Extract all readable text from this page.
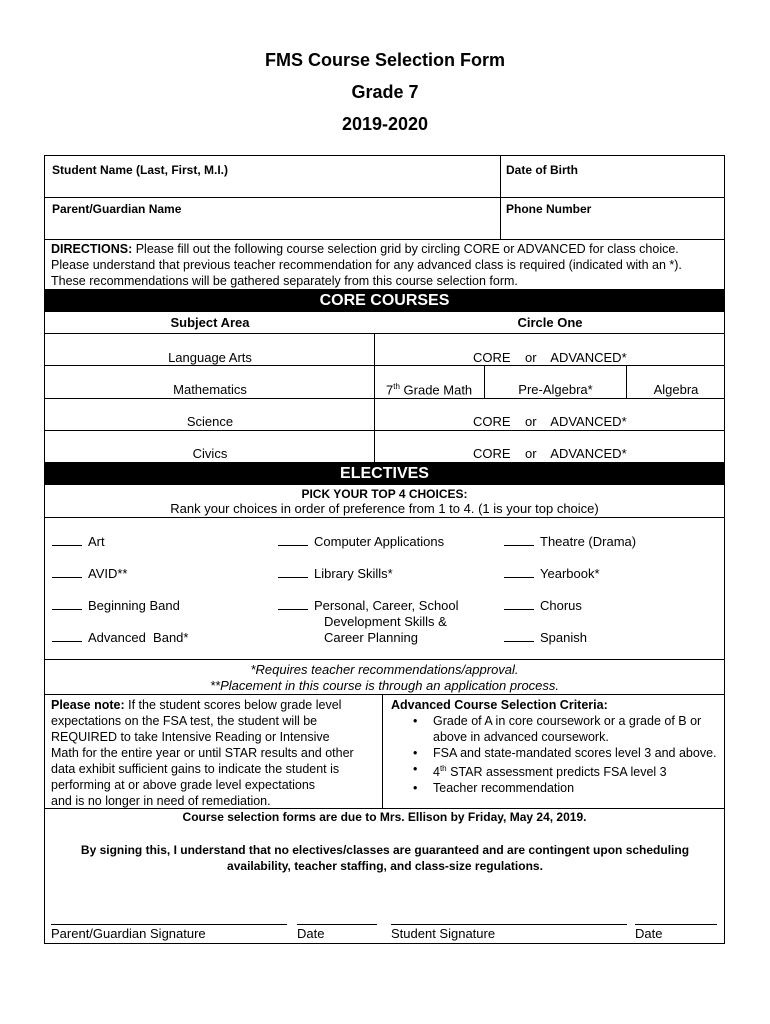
FMS Course Selection Form
Grade 7
2019-2020
Student Name (Last, First, M.I.)	Date of Birth
Parent/Guardian Name	Phone Number
DIRECTIONS: Please fill out the following course selection grid by circling CORE or ADVANCED for class choice. Please understand that previous teacher recommendation for any advanced class is required (indicated with an *). These recommendations will be gathered separately from this course selection form.
CORE COURSES
Subject Area	Circle One
Language Arts	CORE    or    ADVANCED*
Mathematics	7th Grade Math	Pre-Algebra*	Algebra
Science	CORE    or    ADVANCED*
Civics	CORE    or    ADVANCED*
ELECTIVES
PICK YOUR TOP 4 CHOICES:
Rank your choices in order of preference from 1 to 4. (1 is your top choice)
Art
AVID**
Beginning Band
Advanced  Band*
Computer Applications
Library Skills*
Personal, Career, School
Development Skills &
Career Planning
Theatre (Drama)
Yearbook*
Chorus
Spanish
*Requires teacher recommendations/approval.
**Placement in this course is through an application process.
Please note: If the student scores below grade level
expectations on the FSA test, the student will be
REQUIRED to take Intensive Reading or Intensive
Math for the entire year or until STAR results and other
data exhibit sufficient gains to indicate the student is
performing at or above grade level expectations
and is no longer in need of remediation.
Advanced Course Selection Criteria:
• Grade of A in core coursework or a grade of B or above in advanced coursework.
• FSA and state-mandated scores level 3 and above.
• 4th STAR assessment predicts FSA level 3
• Teacher recommendation
Course selection forms are due to Mrs. Ellison by Friday, May 24, 2019.
By signing this, I understand that no electives/classes are guaranteed and are contingent upon scheduling availability, teacher staffing, and class-size regulations.
Parent/Guardian Signature	Date	Student Signature	Date
